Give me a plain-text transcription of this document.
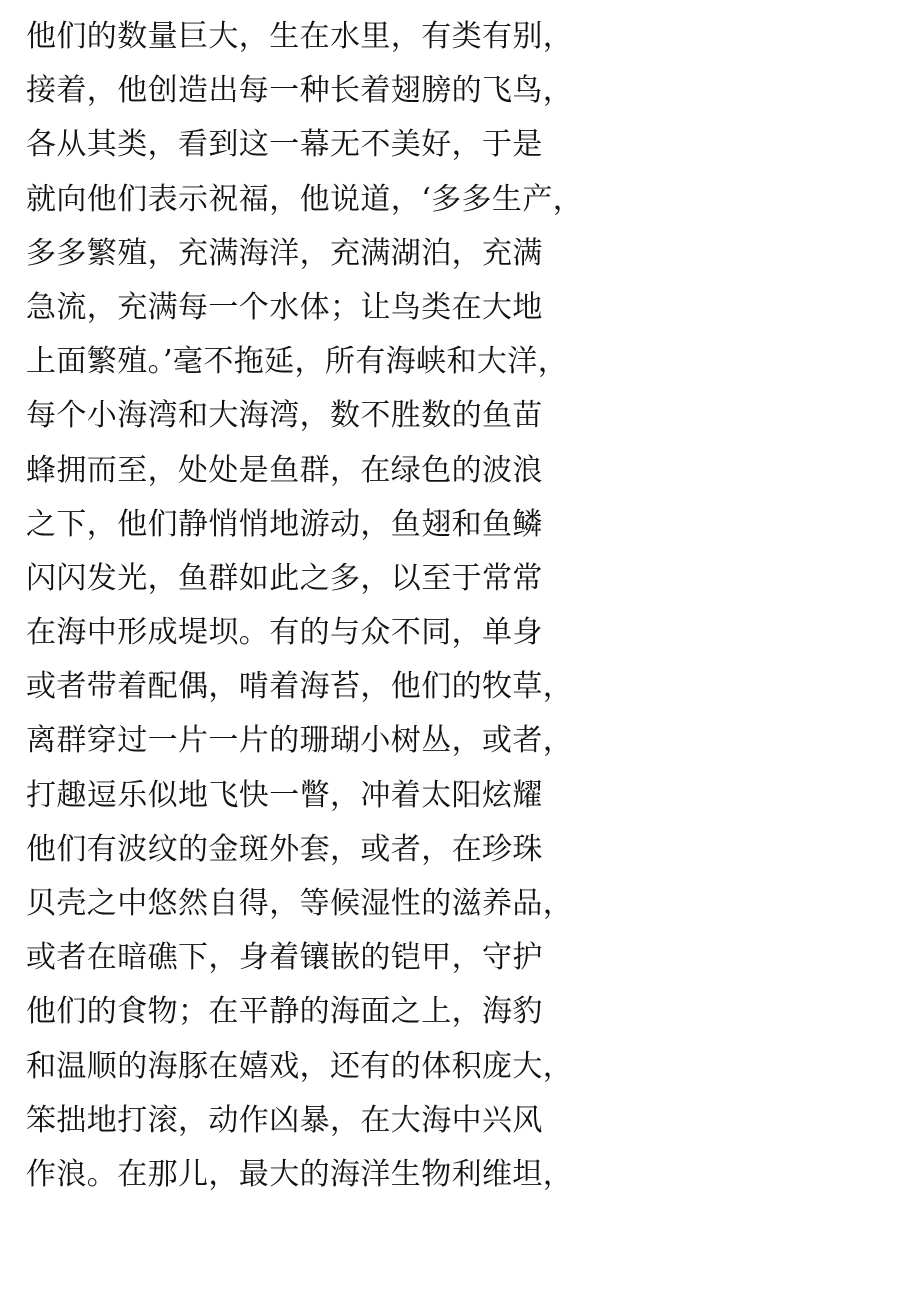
他们的数量巨大，生在水里，有类有别，
接着，他创造出每一种长着翅膀的飞鸟，
各从其类，看到这一幕无不美好，于是
就向他们表示祝福，他说道，‘多多生产，
多多繁殖，充满海洋，充满湖泊，充满
急流，充满每一个水体；让鸟类在大地
上面繁殖。’毫不拖延，所有海峡和大洋，
每个小海湾和大海湾，数不胜数的鱼苗
蜂拥而至，处处是鱼群，在绿色的波浪
之下，他们静悄悄地游动，鱼翅和鱼鳞
闪闪发光，鱼群如此之多，以至于常常
在海中形成堤坝。有的与众不同，单身
或者带着配偶，啃着海苔，他们的牧草，
离群穿过一片一片的珊瑚小树丛，或者，
打趣逗乐似地飞快一瞥，冲着太阳炫耀
他们有波纹的金斑外套，或者，在珍珠
贝壳之中悠然自得，等候湿性的滋养品，
或者在暗礁下，身着镶嵌的铠甲，守护
他们的食物；在平静的海面之上，海豹
和温顺的海豚在嬉戏，还有的体积庞大，
笨拙地打滚，动作凶暴，在大海中兴风
作浪。在那儿，最大的海洋生物利维坦，
